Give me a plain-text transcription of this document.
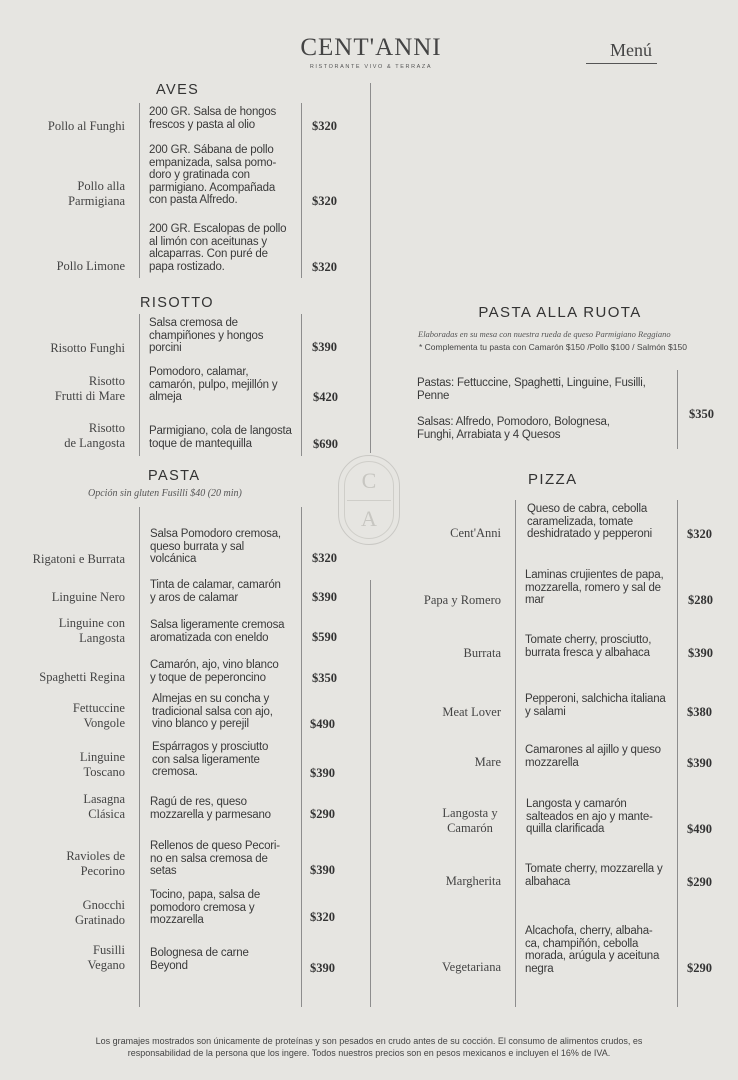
CENT'ANNI
RISTORANTE VIVO & TERRAZA
Menú
AVES
Pollo al Funghi
200 GR. Salsa de hongos
frescos y pasta al olio	$320
Pollo alla
Parmigiana
200 GR. Sábana de pollo
empanizada, salsa pomo-
doro y gratinada con
parmigiano. Acompañada
con pasta Alfredo.	$320
Pollo Limone
200 GR. Escalopas de pollo
al limón con aceitunas y
alcaparras. Con puré de
papa rostizado.	$320
RISOTTO
Risotto Funghi
Salsa cremosa de
champiñones y hongos
porcini	$390
Risotto
Frutti di Mare
Pomodoro, calamar,
camarón, pulpo, mejillón y
almeja	$420
Risotto
de Langosta
Parmigiano, cola de langosta
toque de mantequilla	$690
PASTA
Opción sin gluten Fusilli $40 (20 min)
Rigatoni e Burrata
Salsa Pomodoro cremosa,
queso burrata y sal
volcánica	$320
Linguine Nero
Tinta de calamar, camarón
y aros de calamar	$390
Linguine con
Langosta
Salsa ligeramente cremosa
aromatizada con eneldo	$590
Spaghetti Regina
Camarón, ajo, vino blanco
y toque de peperoncino	$350
Fettuccine
Vongole
Almejas en su concha y
tradicional salsa con ajo,
vino blanco y perejil	$490
Linguine
Toscano
Espárragos y prosciutto
con salsa ligeramente
cremosa.	$390
Lasagna
Clásica
Ragú de res, queso
mozzarella y parmesano	$290
Ravioles de
Pecorino
Rellenos de queso Pecori-
no en salsa cremosa de
setas	$390
Gnocchi
Gratinado
Tocino, papa, salsa de
pomodoro cremosa y
mozzarella	$320
Fusilli
Vegano
Bolognesa de carne
Beyond	$390
C
A
PASTA ALLA RUOTA
Elaboradas en su mesa con nuestra rueda de queso Parmigiano Reggiano
* Complementa tu pasta con Camarón $150 /Pollo $100 / Salmón $150
Pastas: Fettuccine, Spaghetti, Linguine, Fusilli,
Penne
Salsas: Alfredo, Pomodoro, Bolognesa,
Funghi, Arrabiata y 4 Quesos
$350
PIZZA
Cent'Anni
Queso de cabra, cebolla
caramelizada, tomate
deshidratado y pepperoni	$320
Papa y Romero
Laminas crujientes de papa,
mozzarella, romero y sal de
mar	$280
Burrata
Tomate cherry, prosciutto,
burrata fresca y albahaca	$390
Meat Lover
Pepperoni, salchicha italiana
y salami	$380
Mare
Camarones al ajillo y queso
mozzarella	$390
Langosta y
Camarón
Langosta y camarón
salteados en ajo y mante-
quilla clarificada	$490
Margherita
Tomate cherry, mozzarella y
albahaca	$290
Vegetariana
Alcachofa, cherry, albaha-
ca, champiñón, cebolla
morada, arúgula y aceituna
negra	$290
Los gramajes mostrados son únicamente de proteínas y son pesados en crudo antes de su cocción. El consumo de alimentos crudos, es
responsabilidad de la persona que los ingere. Todos nuestros precios son en pesos mexicanos e incluyen el 16% de IVA.
